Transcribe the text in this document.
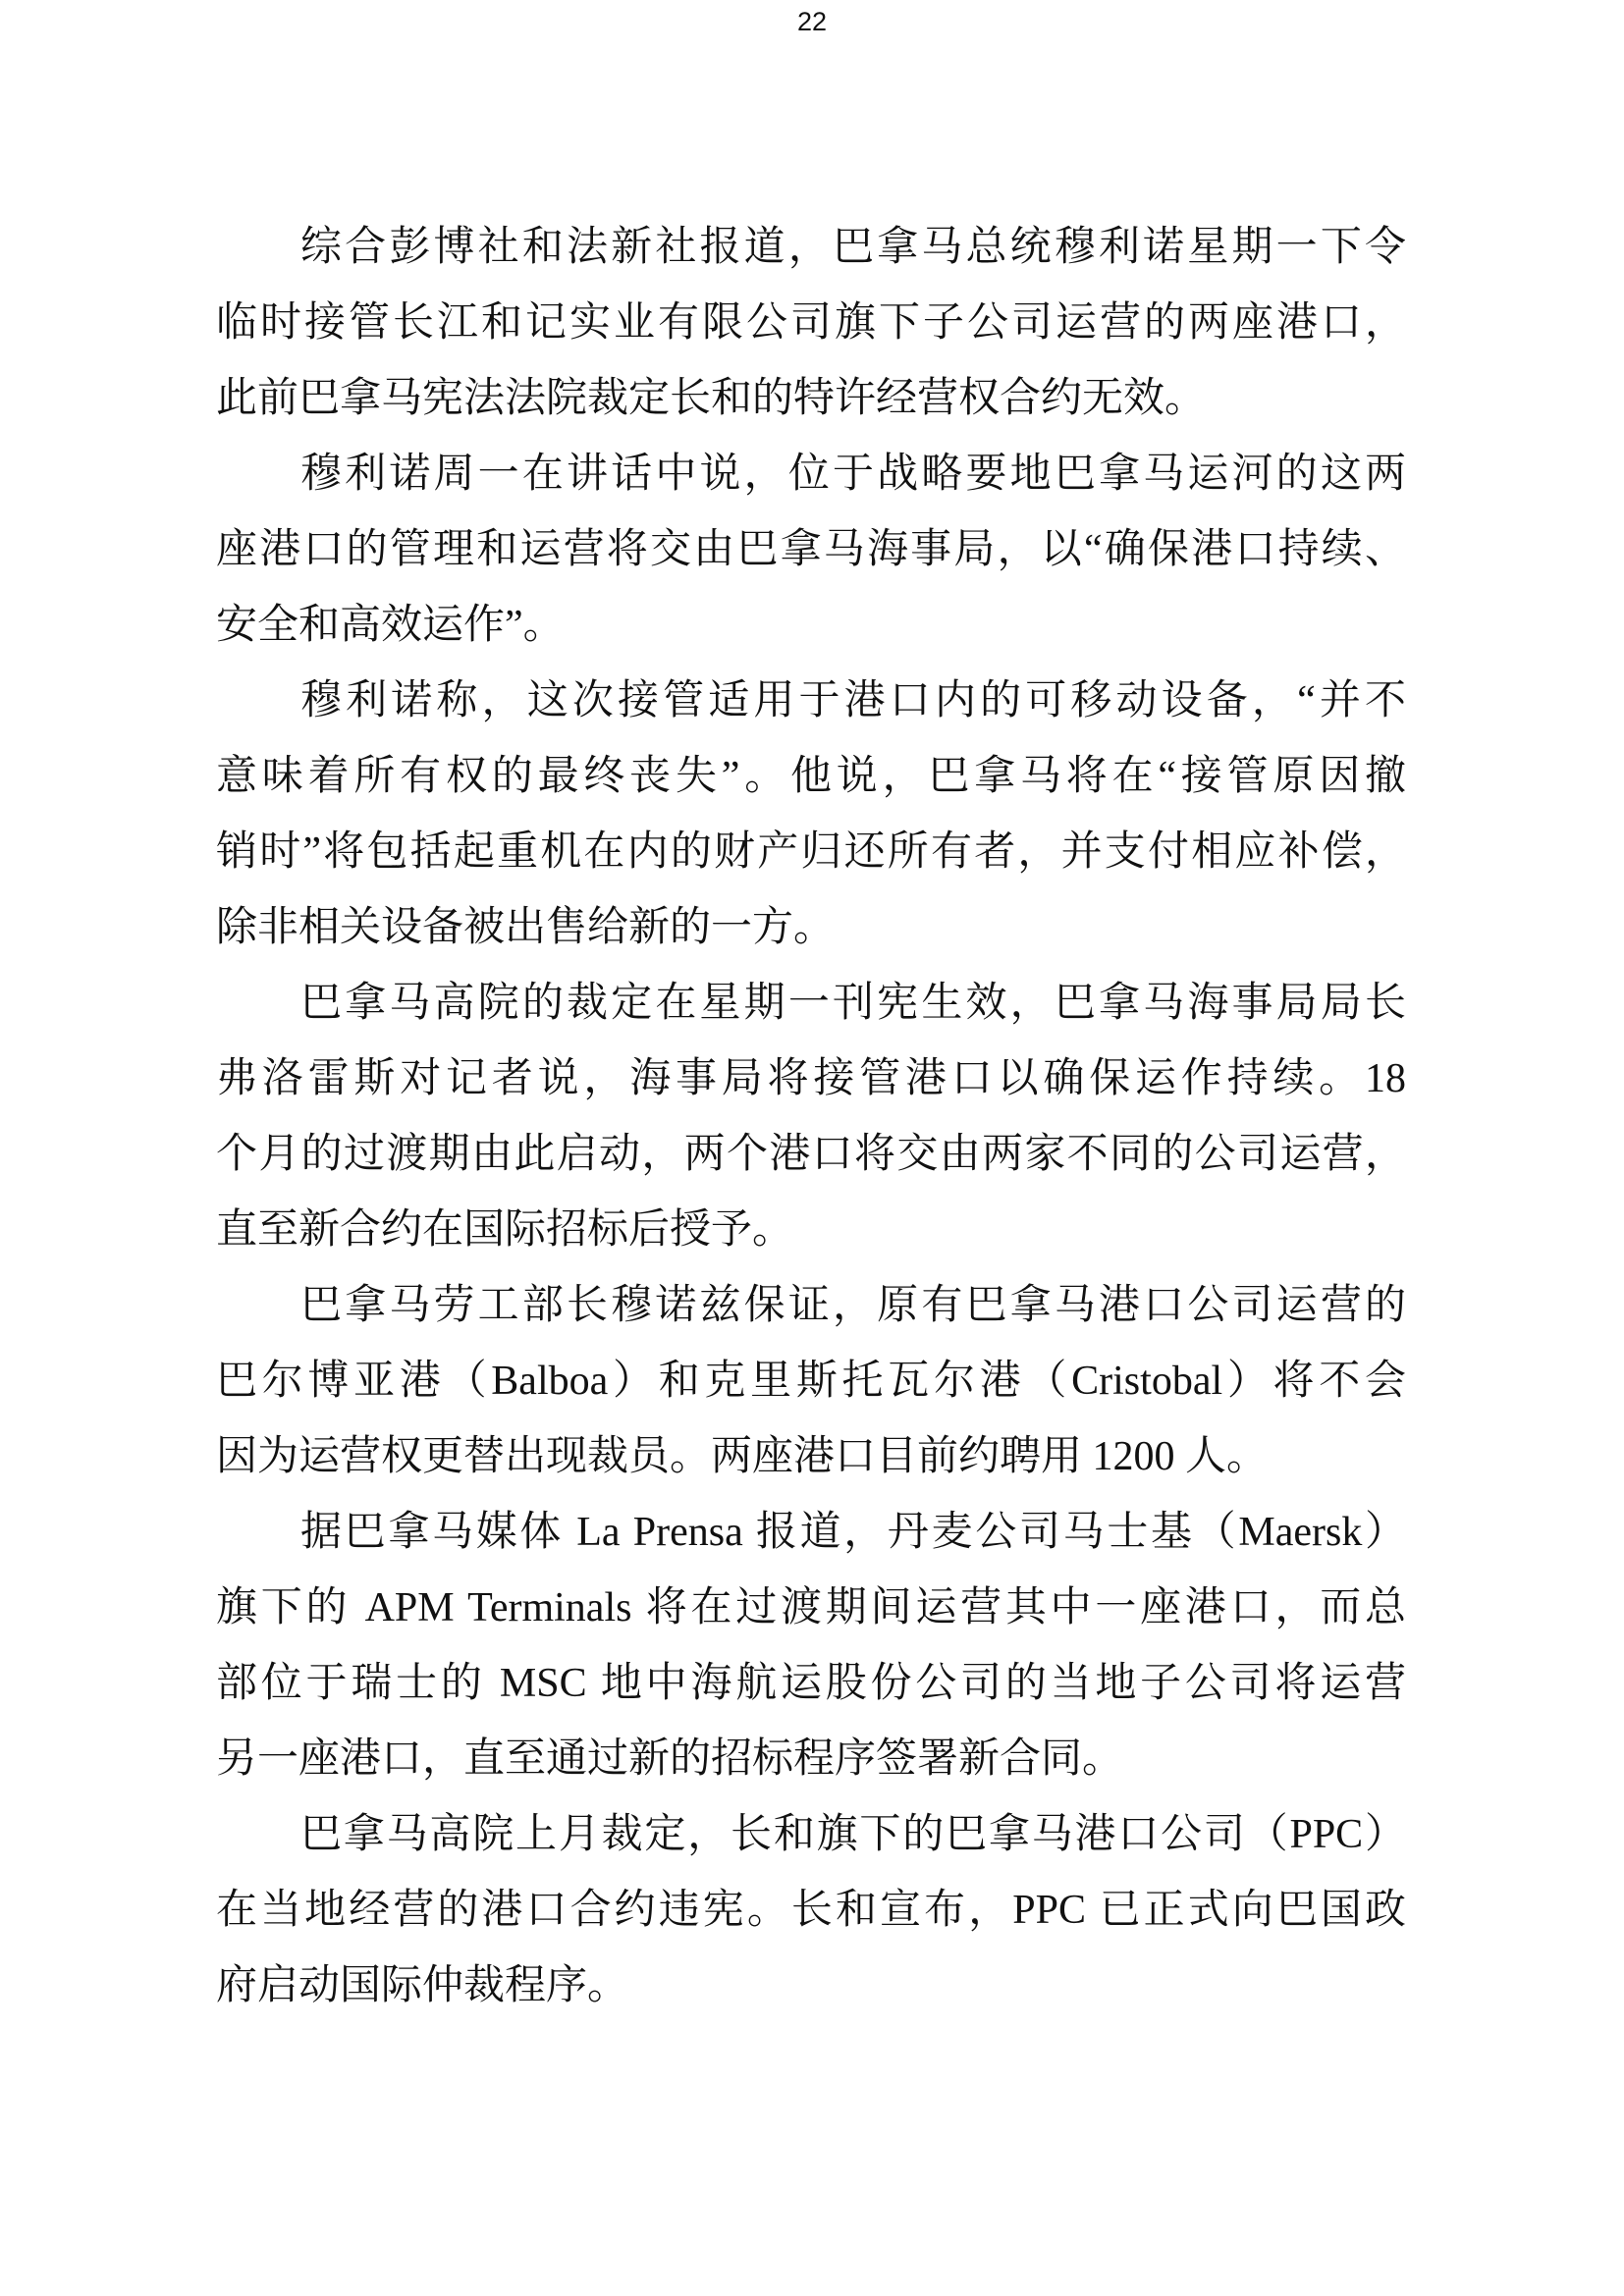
22
综合彭博社和法新社报道，巴拿马总统穆利诺星期一下令
临时接管长江和记实业有限公司旗下子公司运营的两座港口，
此前巴拿马宪法法院裁定长和的特许经营权合约无效。
穆利诺周一在讲话中说，位于战略要地巴拿马运河的这两
座港口的管理和运营将交由巴拿马海事局，以“确保港口持续、
安全和高效运作”。
穆利诺称，这次接管适用于港口内的可移动设备，“并不
意味着所有权的最终丧失”。他说，巴拿马将在“接管原因撤
销时”将包括起重机在内的财产归还所有者，并支付相应补偿，
除非相关设备被出售给新的一方。
巴拿马高院的裁定在星期一刊宪生效，巴拿马海事局局长
弗洛雷斯对记者说，海事局将接管港口以确保运作持续。18
个月的过渡期由此启动，两个港口将交由两家不同的公司运营，
直至新合约在国际招标后授予。
巴拿马劳工部长穆诺兹保证，原有巴拿马港口公司运营的
巴尔博亚港（Balboa）和克里斯托瓦尔港（Cristobal）将不会
因为运营权更替出现裁员。两座港口目前约聘用 1200 人。
据巴拿马媒体 La Prensa 报道，丹麦公司马士基（Maersk）
旗下的 APM Terminals 将在过渡期间运营其中一座港口，而总
部位于瑞士的 MSC 地中海航运股份公司的当地子公司将运营
另一座港口，直至通过新的招标程序签署新合同。
巴拿马高院上月裁定，长和旗下的巴拿马港口公司（PPC）
在当地经营的港口合约违宪。长和宣布，PPC 已正式向巴国政
府启动国际仲裁程序。
